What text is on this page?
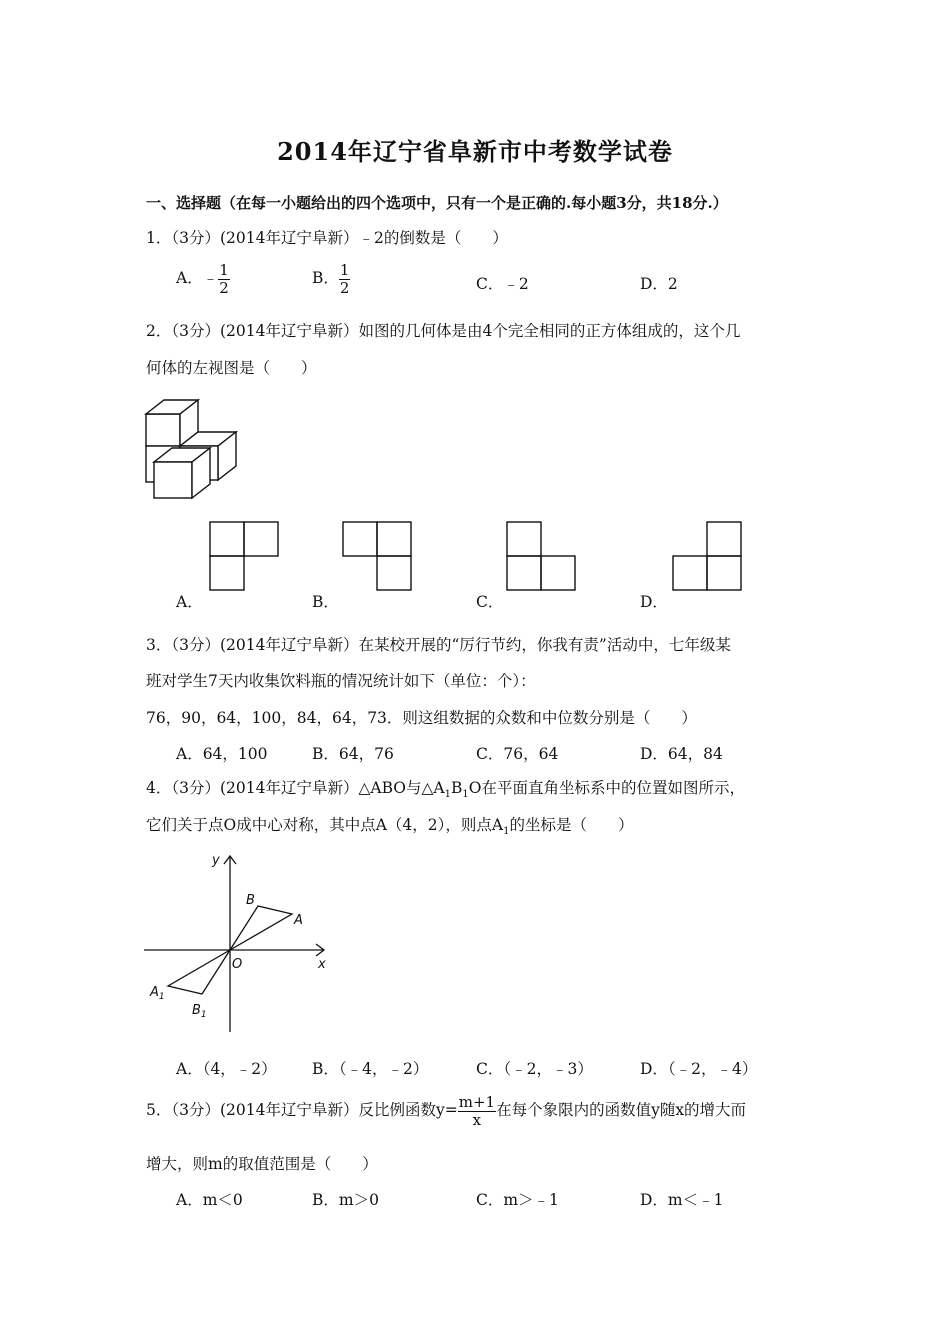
2014年辽宁省阜新市中考数学试卷
一、选择题（在每一小题给出的四个选项中，只有一个是正确的.每小题3分，共18分.）
1．（3分）(2014年辽宁阜新）﹣2的倒数是（　　）
A．﹣ $\frac{1}{2}$	B． $\frac{1}{2}$	C．﹣2	D．2
2．（3分）(2014年辽宁阜新）如图的几何体是由4个完全相同的正方体组成的，这个几
何体的左视图是（　　）
A．	B．	C．	D．
3．（3分）(2014年辽宁阜新）在某校开展的“厉行节约，你我有责”活动中，七年级某
班对学生7天内收集饮料瓶的情况统计如下（单位：个）：
76，90，64，100，84，64，73．则这组数据的众数和中位数分别是（　　）
A．64，100	B．64，76	C．76，64	D．64，84
4．（3分）(2014年辽宁阜新）△ABO与$\triangle A_1B_1O$在平面直角坐标系中的位置如图所示，
它们关于点O成中心对称，其中点A（4，2），则点$A_1$的坐标是（　　）
y
x
O
A
B
$A_1$
$B_1$
A．（4，﹣2） B．（﹣4，﹣2）	C．（﹣2，﹣3）	D．（﹣2，﹣4）
5．（3分）(2014年辽宁阜新）反比例函数$y= \frac{m+1}{x}$ 在每个象限内的函数值y随x的增大而
增大，则m的取值范围是（　　）
A．m＜0	B．m＞0	C．m＞﹣1	D．m＜﹣1
